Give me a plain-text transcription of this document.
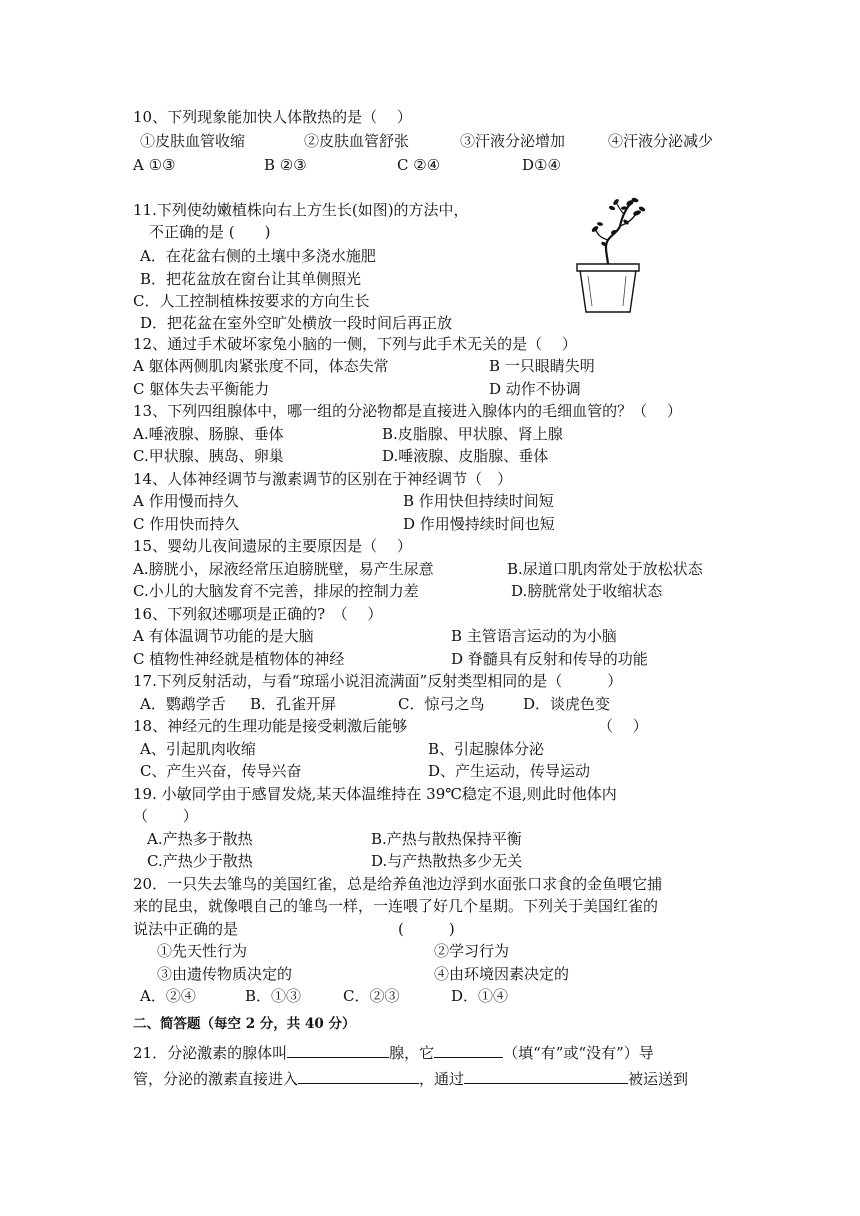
10、下列现象能加快人体散热的是（　 ）
①皮肤血管收缩	②皮肤血管舒张	③汗液分泌增加	④汗液分泌减少
A ①③	B ②③	C ②④	D①④
11.下列使幼嫩植株向右上方生长(如图)的方法中，
不正确的是 (　　)
A．在花盆右侧的土壤中多浇水施肥
B．把花盆放在窗台让其单侧照光
C．人工控制植株按要求的方向生长
D．把花盆在室外空旷处横放一段时间后再正放
12、通过手术破坏家兔小脑的一侧，下列与此手术无关的是（　 ）
A 躯体两侧肌肉紧张度不同，体态失常	B 一只眼睛失明
C 躯体失去平衡能力	D 动作不协调
13、下列四组腺体中，哪一组的分泌物都是直接进入腺体内的毛细血管的？（　 ）
A.唾液腺、肠腺、垂体	B.皮脂腺、甲状腺、肾上腺
C.甲状腺、胰岛、卵巢	D.唾液腺、皮脂腺、垂体
14、人体神经调节与激素调节的区别在于神经调节（　）
A 作用慢而持久	B 作用快但持续时间短
C 作用快而持久	D 作用慢持续时间也短
15、婴幼儿夜间遗尿的主要原因是（　 ）
A.膀胱小，尿液经常压迫膀胱壁，易产生尿意	B.尿道口肌肉常处于放松状态
C.小儿的大脑发育不完善，排尿的控制力差	D.膀胱常处于收缩状态
16、下列叙述哪项是正确的?　（　 ）
A 有体温调节功能的是大脑	B 主管语言运动的为小脑
C 植物性神经就是植物体的神经	D 脊髓具有反射和传导的功能
17.下列反射活动，与看“琼瑶小说泪流满面”反射类型相同的是（　　　）
A．鹦鹉学舌 B．孔雀开屏	C．惊弓之鸟	D．谈虎色变
18、神经元的生理功能是接受刺激后能够	（　 ）
A、引起肌肉收缩	B、引起腺体分泌
C、产生兴奋，传导兴奋	D、产生运动，传导运动
19. 小敏同学由于感冒发烧,某天体温维持在 39℃稳定不退,则此时他体内
（　　 ）
A.产热多于散热	B.产热与散热保持平衡
C.产热少于散热	D.与产热散热多少无关
20．一只失去雏鸟的美国红雀，总是给养鱼池边浮到水面张口求食的金鱼喂它捕
来的昆虫，就像喂自己的雏鸟一样，一连喂了好几个星期。下列关于美国红雀的
说法中正确的是	(　　　)
①先天性行为	②学习行为
③由遗传物质决定的	④由环境因素决定的
A．②④	B．①③	C．②③	D．①④
二、简答题（每空 2 分，共 40 分）
21．分泌激素的腺体叫	腺，它	（填“有”或“没有”）导
管，分泌的激素直接进入	，通过	被运送到
